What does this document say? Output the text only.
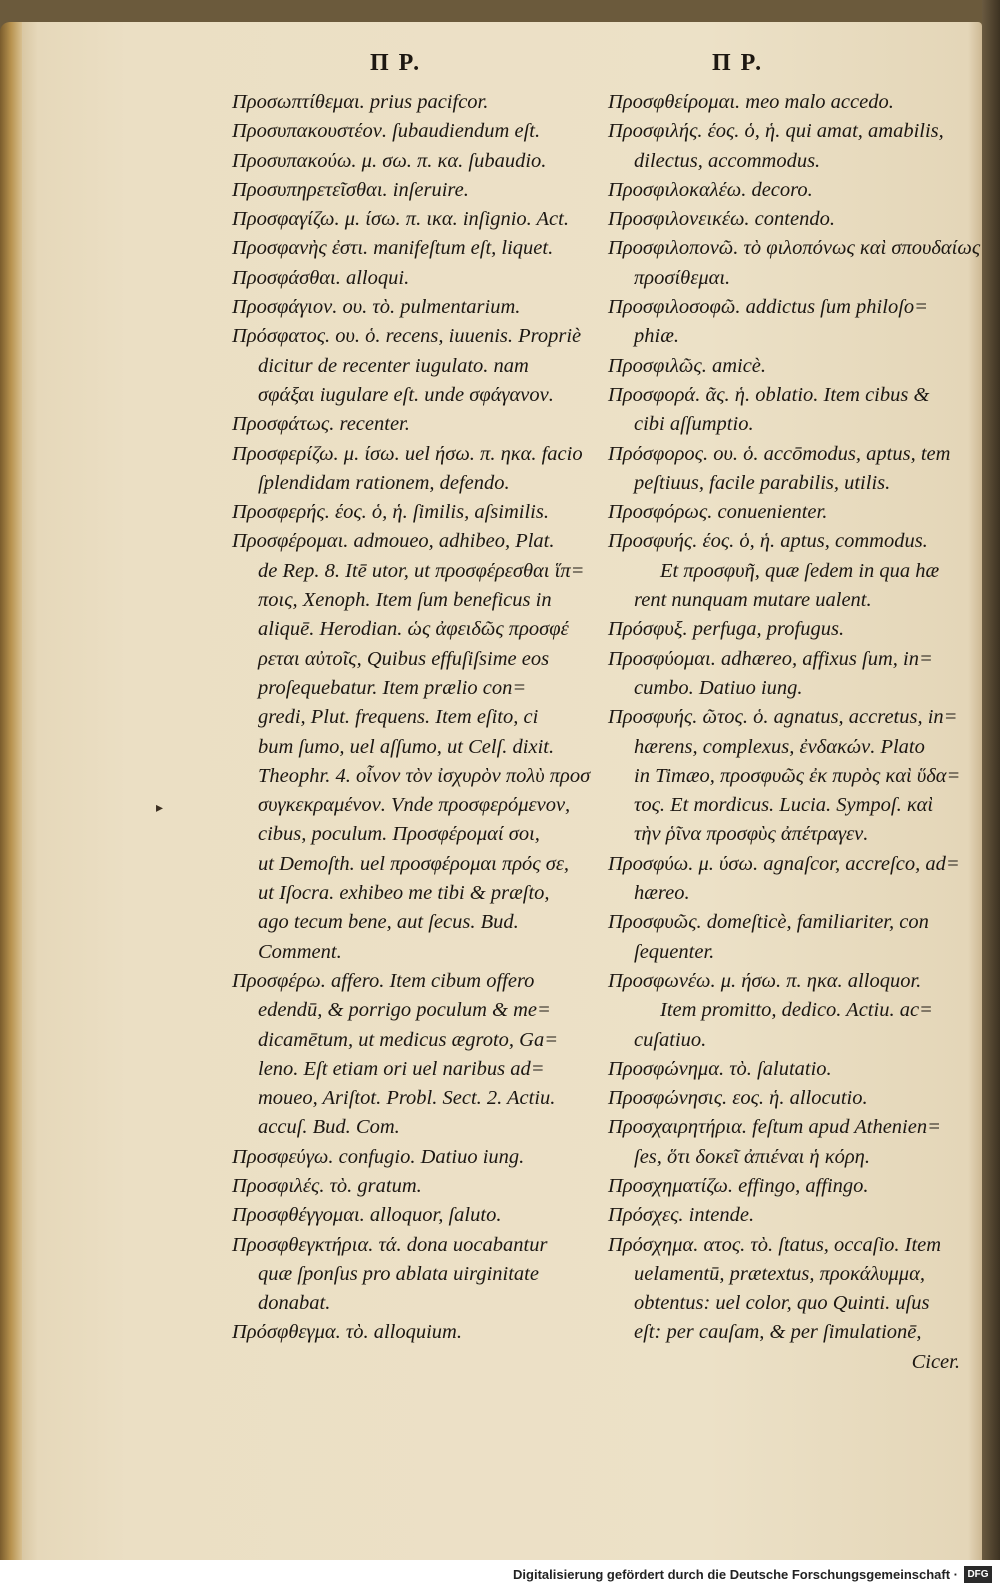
Π Ρ.	Π Ρ.
Προσωπτίθεμαι. prius pacifcor.
Προσυπακουστέον. ſubaudiendum eſt.
Προσυπακούω. μ. σω. π. κα. ſubaudio.
Προσυπηρετεῖσθαι. inſeruire.
Προσφαγίζω. μ. ίσω. π. ικα. inſignio. Act.
Προσφανὴς ἐστι. manifeſtum eſt, liquet.
Προσφάσθαι. alloqui.
Προσφάγιον. ου. τὸ. pulmentarium.
Πρόσφατος. ου. ὁ. recens, iuuenis. Propriè
dicitur de recenter iugulato. nam
σφάξαι iugulare eſt. unde σφάγανον.
Προσφάτως. recenter.
Προσφερίζω. μ. ίσω. uel ήσω. π. ηκα. facio
ſplendidam rationem, defendo.
Προσφερής. έος. ὁ, ἡ. ſimilis, aſsimilis.
Προσφέρομαι. admoueo, adhibeo, Plat.
de Rep. 8. Itē utor, ut προσφέρεσθαι ἵπ=
ποις, Xenoph. Item ſum beneficus in
aliquē. Herodian. ὡς ἀφειδῶς προσφέ
ρεται αὐτοῖς, Quibus effuſiſsime eos
proſequebatur. Item prælio con=
gredi, Plut. frequens. Item eſito, ci
bum ſumo, uel aſſumo, ut Celſ. dixit.
Theophr. 4. οἶνον τὸν ἰσχυρὸν πολὺ προσ
συγκεκραμένον. Vnde προσφερόμενον,
cibus, poculum. Προσφέρομαί σοι,
ut Demoſth. uel προσφέρομαι πρός σε,
ut Iſocra. exhibeo me tibi & præſto,
ago tecum bene, aut ſecus. Bud.
Comment.
Προσφέρω. affero. Item cibum offero
edendū, & porrigo poculum & me=
dicamētum, ut medicus ægroto, Ga=
leno. Eſt etiam ori uel naribus ad=
moueo, Ariſtot. Probl. Sect. 2. Actiu.
accuſ. Bud. Com.
Προσφεύγω. confugio. Datiuo iung.
Προσφιλές. τὸ. gratum.
Προσφθέγγομαι. alloquor, ſaluto.
Προσφθεγκτήρια. τά. dona uocabantur
quæ ſponſus pro ablata uirginitate
donabat.
Πρόσφθεγμα. τὸ. alloquium.
Προσφθείρομαι. meo malo accedo.
Προσφιλής. έος. ὁ, ἡ. qui amat, amabilis,
dilectus, accommodus.
Προσφιλοκαλέω. decoro.
Προσφιλονεικέω. contendo.
Προσφιλοπονῶ. τὸ φιλοπόνως καὶ σπουδαίως
προσίθεμαι.
Προσφιλοσοφῶ. addictus ſum philoſo=
phiæ.
Προσφιλῶς. amicè.
Προσφορά. ᾶς. ἡ. oblatio. Item cibus &
cibi aſſumptio.
Πρόσφορος. ου. ὁ. accōmodus, aptus, tem
peſtiuus, facile parabilis, utilis.
Προσφόρως. conuenienter.
Προσφυής. έος. ὁ, ἡ. aptus, commodus.
Et προσφυῆ, quæ ſedem in qua hæ
rent nunquam mutare ualent.
Πρόσφυξ. perfuga, profugus.
Προσφύομαι. adhæreo, affixus ſum, in=
cumbo. Datiuo iung.
Προσφυής. ῶτος. ὁ. agnatus, accretus, in=
hærens, complexus, ἐνδακών. Plato
in Timæo, προσφυῶς ἐκ πυρὸς καὶ ὕδα=
τος. Et mordicus. Lucia. Sympoſ. καὶ
τὴν ῥῖνα προσφὺς ἀπέτραγεν.
Προσφύω. μ. ύσω. agnaſcor, accreſco, ad=
hæreo.
Προσφυῶς. domeſticè, familiariter, con
ſequenter.
Προσφωνέω. μ. ήσω. π. ηκα. alloquor.
Item promitto, dedico. Actiu. ac=
cuſatiuo.
Προσφώνημα. τὸ. ſalutatio.
Προσφώνησις. εος. ἡ. allocutio.
Προσχαιρητήρια. feſtum apud Athenien=
ſes, ὅτι δοκεῖ ἀπιέναι ἡ κόρη.
Προσχηματίζω. effingo, affingo.
Πρόσχες. intende.
Πρόσχημα. ατος. τὸ. ſtatus, occaſio. Item
uelamentū, prætextus, προκάλυμμα,
obtentus: uel color, quo Quinti. uſus
eſt: per cauſam, & per ſimulationē,
Cicer.
▸
Digitalisierung gefördert durch die Deutsche Forschungsgemeinschaft · DFG
